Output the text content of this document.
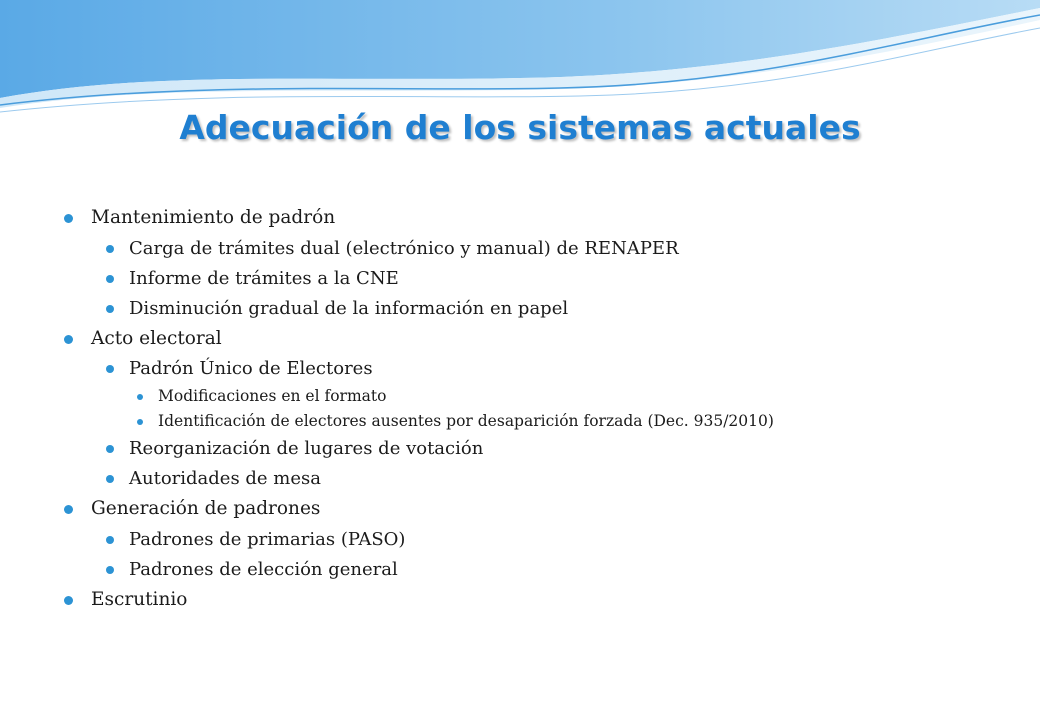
Adecuación de los sistemas actuales
Mantenimiento de padrón
Carga de trámites dual (electrónico y manual) de RENAPER
Informe de trámites a la CNE
Disminución gradual de la información en papel
Acto electoral
Padrón Único de Electores
Modificaciones en el formato
Identificación de electores ausentes por desaparición forzada (Dec. 935/2010)
Reorganización de lugares de votación
Autoridades de mesa
Generación de padrones
Padrones de primarias (PASO)
Padrones de elección general
Escrutinio
